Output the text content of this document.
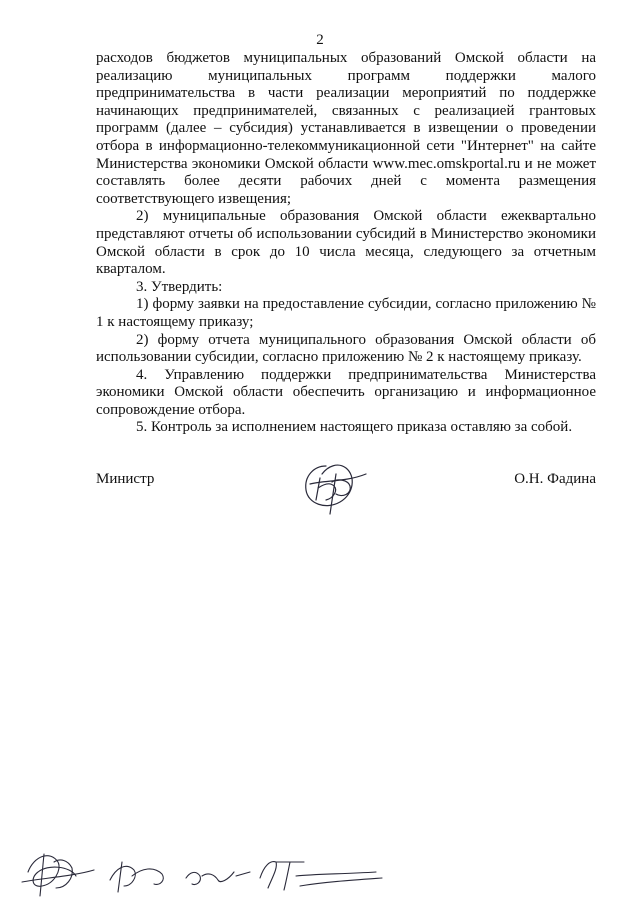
2

расходов бюджетов муниципальных образований Омской области на реализацию муниципальных программ поддержки малого предпринимательства в части реализации мероприятий по поддержке начинающих предпринимателей, связанных с реализацией грантовых программ (далее – субсидия) устанавливается в извещении о проведении отбора в информационно-телекоммуникационной сети "Интернет" на сайте Министерства экономики Омской области www.mec.omskportal.ru и не может составлять более десяти рабочих дней с момента размещения соответствующего извещения;

2) муниципальные образования Омской области ежеквартально представляют отчеты об использовании субсидий в Министерство экономики Омской области в срок до 10 числа месяца, следующего за отчетным кварталом.

3. Утвердить:

1) форму заявки на предоставление субсидии, согласно приложению № 1 к настоящему приказу;

2) форму отчета муниципального образования Омской области об использовании субсидии, согласно приложению № 2 к настоящему приказу.

4. Управлению поддержки предпринимательства Министерства экономики Омской области обеспечить организацию и информационное сопровождение отбора.

5. Контроль за исполнением настоящего приказа оставляю за собой.

Министр	О.Н. Фадина
